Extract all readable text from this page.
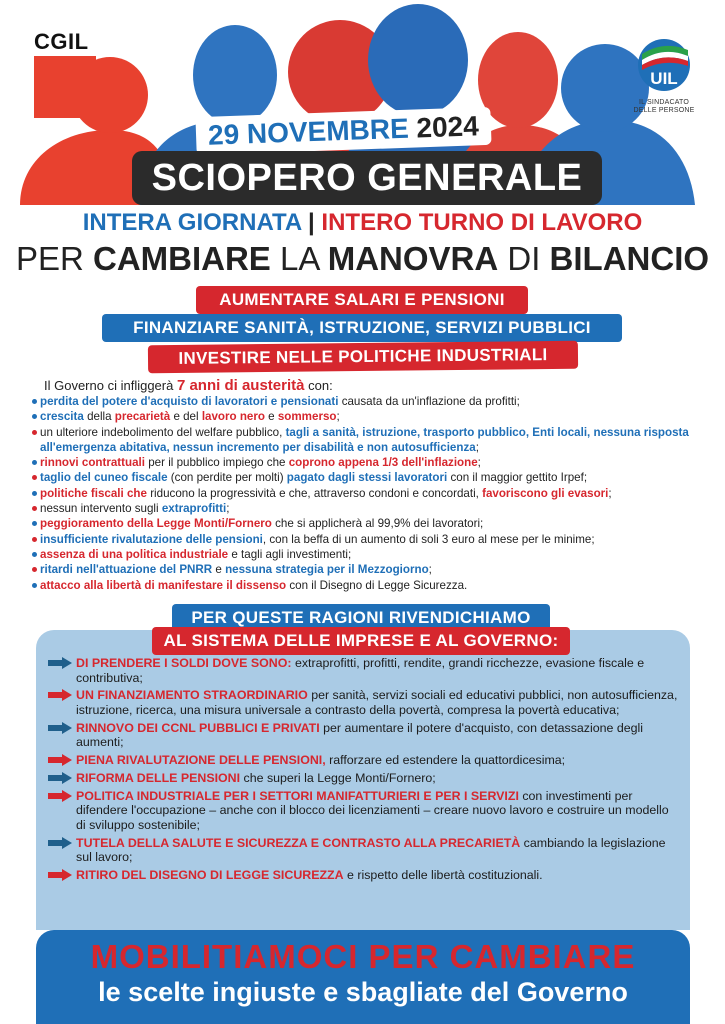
CGIL
UIL
IL SINDACATO
DELLE PERSONE
29 NOVEMBRE 2024
SCIOPERO GENERALE
INTERA GIORNATA | INTERO TURNO DI LAVORO
PER CAMBIARE LA MANOVRA DI BILANCIO
AUMENTARE SALARI E PENSIONI
FINANZIARE SANITÀ, ISTRUZIONE, SERVIZI PUBBLICI
INVESTIRE NELLE POLITICHE INDUSTRIALI
Il Governo ci infliggerà 7 anni di austerità con:
perdita del potere d'acquisto di lavoratori e pensionati causata da un'inflazione da profitti;
crescita della precarietà e del lavoro nero e sommerso;
un ulteriore indebolimento del welfare pubblico, tagli a sanità, istruzione, trasporto pubblico, Enti locali, nessuna risposta all'emergenza abitativa, nessun incremento per disabilità e non autosufficienza;
rinnovi contrattuali per il pubblico impiego che coprono appena 1/3 dell'inflazione;
taglio del cuneo fiscale (con perdite per molti) pagato dagli stessi lavoratori con il maggior gettito Irpef;
politiche fiscali che riducono la progressività e che, attraverso condoni e concordati, favoriscono gli evasori;
nessun intervento sugli extraprofitti;
peggioramento della Legge Monti/Fornero che si applicherà al 99,9% dei lavoratori;
insufficiente rivalutazione delle pensioni, con la beffa di un aumento di soli 3 euro al mese per le minime;
assenza di una politica industriale e tagli agli investimenti;
ritardi nell'attuazione del PNRR e nessuna strategia per il Mezzogiorno;
attacco alla libertà di manifestare il dissenso con il Disegno di Legge Sicurezza.
PER QUESTE RAGIONI RIVENDICHIAMO
AL SISTEMA DELLE IMPRESE E AL GOVERNO:
DI PRENDERE I SOLDI DOVE SONO: extraprofitti, profitti, rendite, grandi ricchezze, evasione fiscale e contributiva;
UN FINANZIAMENTO STRAORDINARIO per sanità, servizi sociali ed educativi pubblici, non autosufficienza, istruzione, ricerca, una misura universale a contrasto della povertà, compresa la povertà educativa;
RINNOVO DEI CCNL PUBBLICI E PRIVATI per aumentare il potere d'acquisto, con detassazione degli aumenti;
PIENA RIVALUTAZIONE DELLE PENSIONI, rafforzare ed estendere la quattordicesima;
RIFORMA DELLE PENSIONI che superi la Legge Monti/Fornero;
POLITICA INDUSTRIALE PER I SETTORI MANIFATTURIERI E PER I SERVIZI con investimenti per difendere l'occupazione – anche con il blocco dei licenziamenti – creare nuovo lavoro e costruire un modello di sviluppo sostenibile;
TUTELA DELLA SALUTE E SICUREZZA E CONTRASTO ALLA PRECARIETÀ cambiando la legislazione sul lavoro;
RITIRO DEL DISEGNO DI LEGGE SICUREZZA e rispetto delle libertà costituzionali.
MOBILITIAMOCI PER CAMBIARE
le scelte ingiuste e sbagliate del Governo
